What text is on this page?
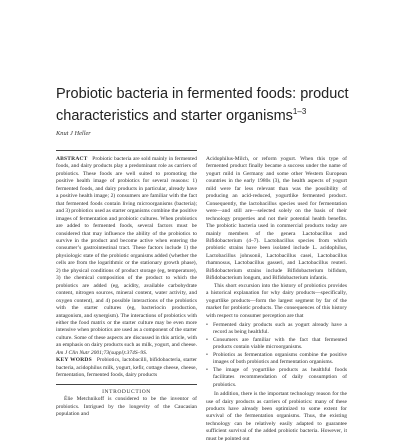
Probiotic bacteria in fermented foods: product characteristics and starter organisms$^{1-3}$
Knut J Heller

ABSTRACT Probiotic bacteria are sold mainly in fermented foods, and dairy products play a predominant role as carriers of probiotics. These foods are well suited to promoting the positive health image of probiotics for several reasons: 1) fermented foods, and dairy products in particular, already have a positive health image; 2) consumers are familiar with the fact that fermented foods contain living microorganisms (bacteria); and 3) probiotics used as starter organisms combine the positive images of fermentation and probiotic cultures. When probiotics are added to fermented foods, several factors must be considered that may influence the ability of the probiotics to survive in the product and become active when entering the consumer’s gastrointestinal tract. These factors include 1) the physiologic state of the probiotic organisms added (whether the cells are from the logarithmic or the stationary growth phase), 2) the physical conditions of product storage (eg, temperature), 3) the chemical composition of the product to which the probiotics are added (eg, acidity, available carbohydrate content, nitrogen sources, mineral content, water activity, and oxygen content), and 4) possible interactions of the probiotics with the starter cultures (eg, bacteriocin production, antagonism, and synergism). The interactions of probiotics with either the food matrix or the starter culture may be even more intensive when probiotics are used as a component of the starter culture. Some of these aspects are discussed in this article, with an emphasis on dairy products such as milk, yogurt, and cheese. Am J Clin Nutr 2001;73(suppl):374S–9S.

KEY WORDS Probiotics, lactobacilli, bifidobacteria, starter bacteria, acidophilus milk, yogurt, kefir, cottage cheese, cheese, fermentation, fermented foods, dairy products

INTRODUCTION

Élie Metchnikoff is considered to be the inventor of probiotics. Intrigued by the longevity of the Caucasian population and

Acidophilus-Milch, or reform yogurt. When this type of fermented product finally became a success under the name of yogurt mild in Germany and some other Western European countries in the early 1980s (3), the health aspects of yogurt mild were far less relevant than was the possibility of producing an acid-reduced, yogurtlike fermented product. Consequently, the lactobacillus species used for fermentation were—and still are—selected solely on the basis of their technology properties and not their potential health benefits. The probiotic bacteria used in commercial products today are mainly members of the genera Lactobacillus and Bifidobacterium (4–7). Lactobacillus species from which probiotic strains have been isolated include L. acidophilus, Lactobacillus johnsonii, Lactobacillus casei, Lactobacillus rhamnosus, Lactobacillus gasseri, and Lactobacillus reuteri. Bifidobacterium strains include Bifidobacterium bifidum, Bifidobacterium longum, and Bifidobacterium infantis.

This short excursion into the history of probiotics provides a historical explanation for why dairy products—specifically, yogurtlike products—form the largest segment by far of the market for probiotic products. The consequences of this history with respect to consumer perception are that

• Fermented dairy products such as yogurt already have a record as being healthful.
• Consumers are familiar with the fact that fermented products contain viable microorganisms.
• Probiotics as fermentation organisms combine the positive images of both probiotics and fermentation organisms.
• The image of yogurtlike products as healthful foods facilitates recommendation of daily consumption of probiotics.

In addition, there is the important technology reason for the use of dairy products as carriers of probiotics: many of these products have already been optimized to some extent for survival of the fermentation organisms. Thus, the existing technology can be relatively easily adapted to guarantee sufficient survival of the added probiotic bacteria. However, it must be pointed out
